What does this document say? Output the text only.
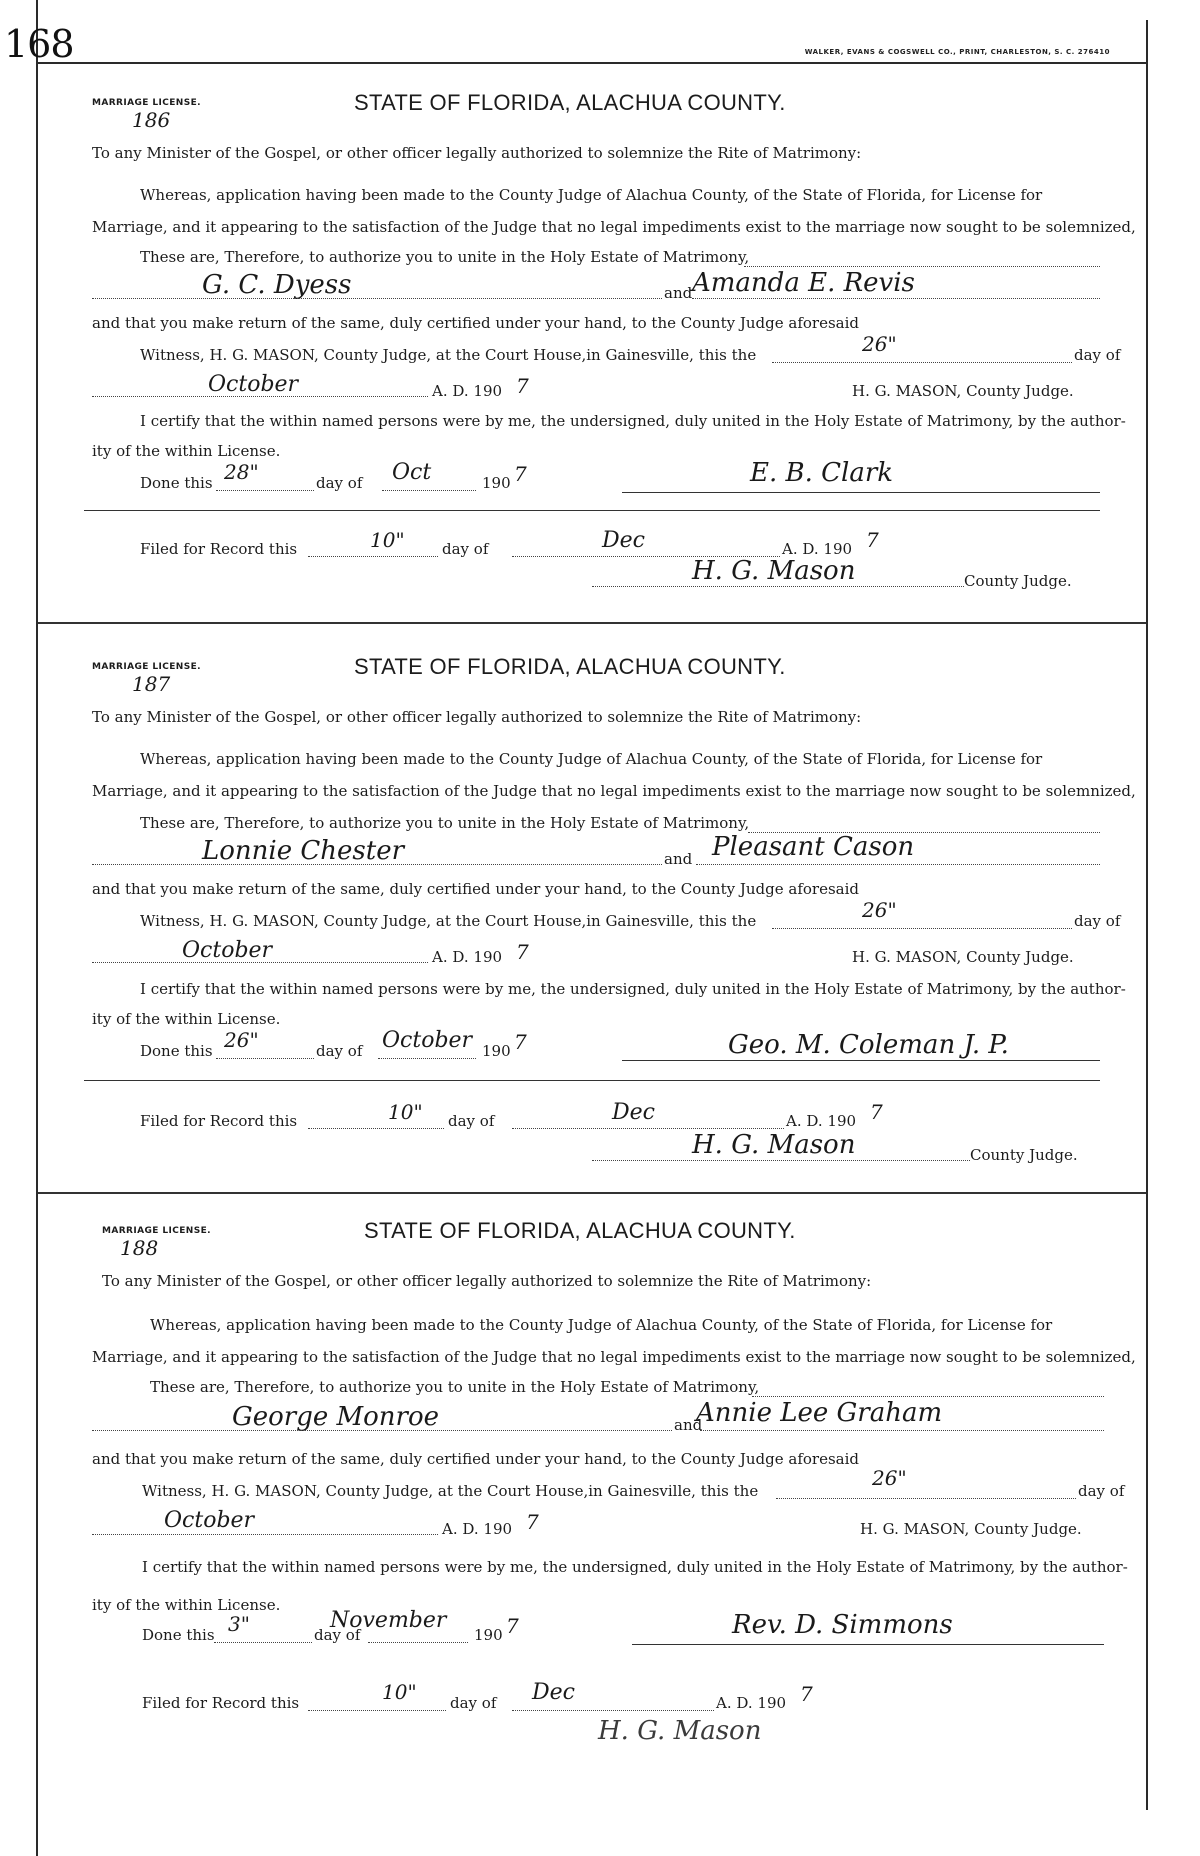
168	WALKER, EVANS & COGSWELL CO., PRINT, CHARLESTON, S. C. 276410
MARRIAGE LICENSE.
186
STATE OF FLORIDA, ALACHUA COUNTY.
To any Minister of the Gospel, or other officer legally authorized to solemnize the Rite of Matrimony:
Whereas, application having been made to the County Judge of Alachua County, of the State of Florida, for License for
Marriage, and it appearing to the satisfaction of the Judge that no legal impediments exist to the marriage now sought to be solemnized,
These are, Therefore, to authorize you to unite in the Holy Estate of Matrimony,
G. C. Dyess	and Amanda E. Revis
and that you make return of the same, duly certified under your hand, to the County Judge aforesaid
Witness, H. G. MASON, County Judge, at the Court House,in Gainesville, this the	26"	day of
October	A. D. 190 7	H. G. MASON, County Judge.
I certify that the within named persons were by me, the undersigned, duly united in the Holy Estate of Matrimony, by the author-
ity of the within License.
Done this 28"	day of Oct	190 7	E. B. Clark
Filed for Record this	10" day of	Dec	A. D. 190 7
H. G. Mason	County Judge.
MARRIAGE LICENSE.
187
STATE OF FLORIDA, ALACHUA COUNTY.
To any Minister of the Gospel, or other officer legally authorized to solemnize the Rite of Matrimony:
Whereas, application having been made to the County Judge of Alachua County, of the State of Florida, for License for
Marriage, and it appearing to the satisfaction of the Judge that no legal impediments exist to the marriage now sought to be solemnized,
These are, Therefore, to authorize you to unite in the Holy Estate of Matrimony,
Lonnie Chester	and Pleasant Cason
and that you make return of the same, duly certified under your hand, to the County Judge aforesaid
Witness, H. G. MASON, County Judge, at the Court House,in Gainesville, this the	26"	day of
October	A. D. 190 7	H. G. MASON, County Judge.
I certify that the within named persons were by me, the undersigned, duly united in the Holy Estate of Matrimony, by the author-
ity of the within License.
Done this 26"	day of October 190 7	Geo. M. Coleman J. P.
Filed for Record this	10" day of	Dec	A. D. 190 7
H. G. Mason	County Judge.
MARRIAGE LICENSE.
188
STATE OF FLORIDA, ALACHUA COUNTY.
To any Minister of the Gospel, or other officer legally authorized to solemnize the Rite of Matrimony:
Whereas, application having been made to the County Judge of Alachua County, of the State of Florida, for License for
Marriage, and it appearing to the satisfaction of the Judge that no legal impediments exist to the marriage now sought to be solemnized,
These are, Therefore, to authorize you to unite in the Holy Estate of Matrimony,
George Monroe	and
Annie Lee Graham
and that you make return of the same, duly certified under your hand, to the County Judge aforesaid
Witness, H. G. MASON, County Judge, at the Court House,in Gainesville, this the
26"
day of
October	A. D. 190 7	H. G. MASON, County Judge.
I certify that the within named persons were by me, the undersigned, duly united in the Holy Estate of Matrimony, by the author-
ity of the within License.
Done this 3"	day of
November
190 7	Rev. D. Simmons
Filed for Record this	10" day of Dec	A. D. 190 7
H. G. Mason
